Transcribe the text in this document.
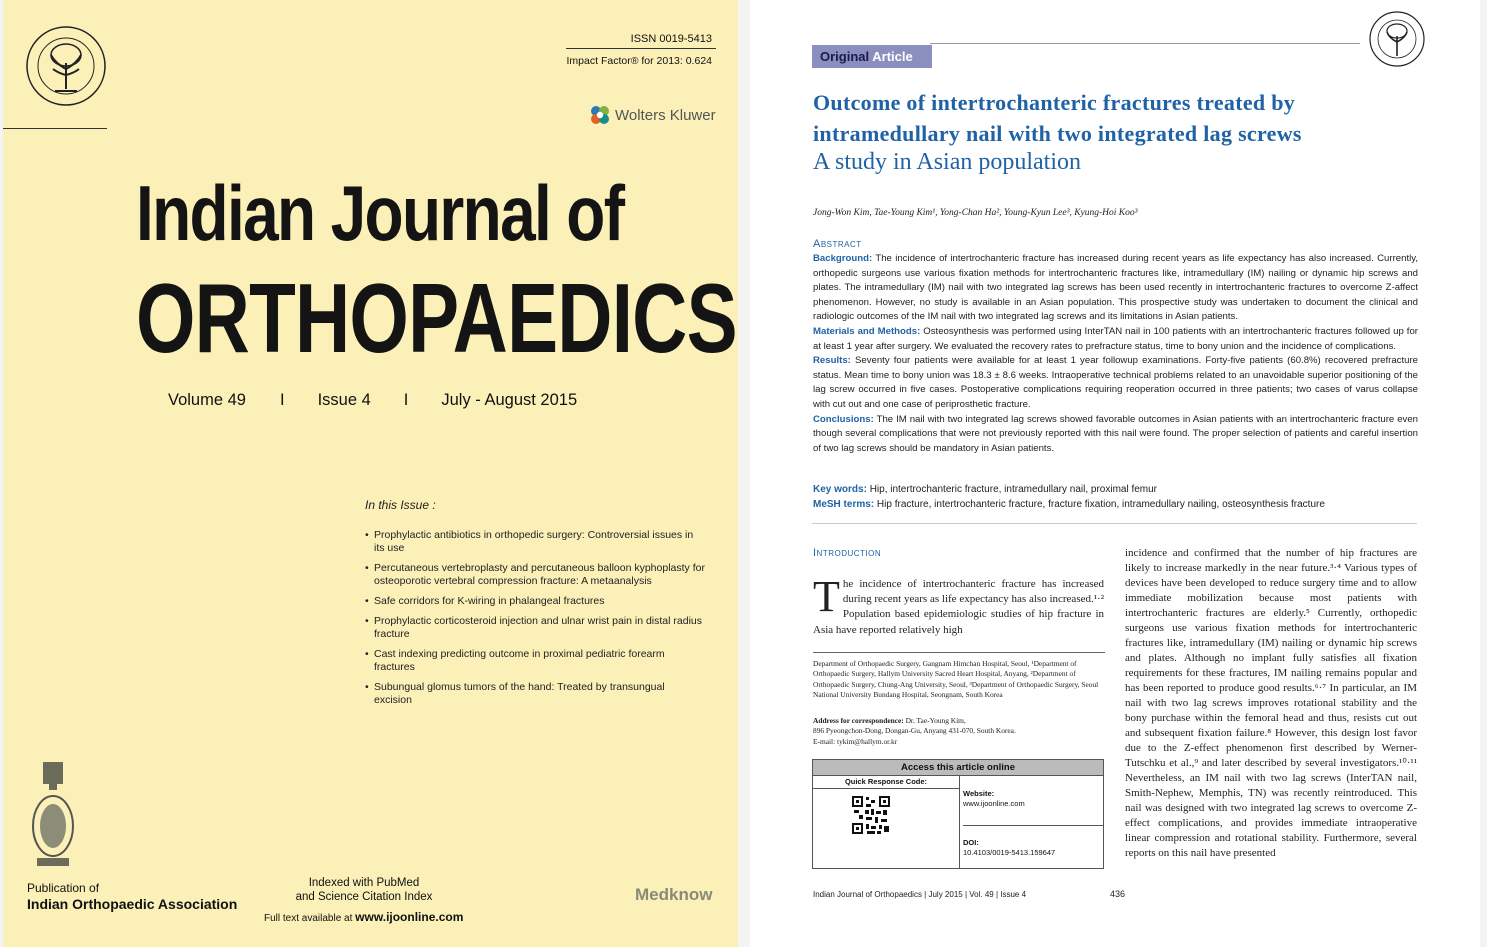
ISSN 0019-5413
Impact Factor® for 2013: 0.624
Wolters Kluwer
Indian Journal of
ORTHOPAEDICS
Volume 49 I Issue 4 I July - August 2015
In this Issue :
• Prophylactic antibiotics in orthopedic surgery: Controversial issues in its use
• Percutaneous vertebroplasty and percutaneous balloon kyphoplasty for osteoporotic vertebral compression fracture: A metaanalysis
• Safe corridors for K-wiring in phalangeal fractures
• Prophylactic corticosteroid injection and ulnar wrist pain in distal radius fracture
• Cast indexing predicting outcome in proximal pediatric forearm fractures
• Subungual glomus tumors of the hand: Treated by transungual excision
Publication of
Indian Orthopaedic Association
Indexed with PubMed
and Science Citation Index
Full text available at www.ijoonline.com
Medknow
Original Article
Outcome of intertrochanteric fractures treated by intramedullary nail with two integrated lag screws
A study in Asian population
Jong-Won Kim, Tae-Young Kim¹, Yong-Chan Ha², Young-Kyun Lee³, Kyung-Hoi Koo³
Abstract

Background: The incidence of intertrochanteric fracture has increased during recent years as life expectancy has also increased. Currently, orthopedic surgeons use various fixation methods for intertrochanteric fractures like, intramedullary (IM) nailing or dynamic hip screws and plates. The intramedullary (IM) nail with two integrated lag screws has been used recently in intertrochanteric fractures to overcome Z-affect phenomenon. However, no study is available in an Asian population. This prospective study was undertaken to document the clinical and radiologic outcomes of the IM nail with two integrated lag screws and its limitations in Asian patients.

Materials and Methods: Osteosynthesis was performed using InterTAN nail in 100 patients with an intertrochanteric fractures followed up for at least 1 year after surgery. We evaluated the recovery rates to prefracture status, time to bony union and the incidence of complications.

Results: Seventy four patients were available for at least 1 year followup examinations. Forty-five patients (60.8%) recovered prefracture status. Mean time to bony union was 18.3 ± 8.6 weeks. Intraoperative technical problems related to an unavoidable superior positioning of the lag screw occurred in five cases. Postoperative complications requiring reoperation occurred in three patients; two cases of varus collapse with cut out and one case of periprosthetic fracture.

Conclusions: The IM nail with two integrated lag screws showed favorable outcomes in Asian patients with an intertrochanteric fracture even though several complications that were not previously reported with this nail were found. The proper selection of patients and careful insertion of two lag screws should be mandatory in Asian patients.

Key words: Hip, intertrochanteric fracture, intramedullary nail, proximal femur

MeSH terms: Hip fracture, intertrochanteric fracture, fracture fixation, intramedullary nailing, osteosynthesis fracture

Introduction
The incidence of intertrochanteric fracture has increased during recent years as life expectancy has also increased.¹·² Population based epidemiologic studies of hip fracture in Asia have reported relatively high
Department of Orthopaedic Surgery, Gangnam Himchan Hospital, Seoul, ¹Department of Orthopaedic Surgery, Hallym University Sacred Heart Hospital, Anyang, ²Department of Orthopaedic Surgery, Chung-Ang University, Seoul, ³Department of Orthopaedic Surgery, Seoul National University Bundang Hospital, Seongnam, South Korea
Address for correspondence: Dr. Tae-Young Kim,
896 Pyeongchon-Dong, Dongan-Gu, Anyang 431-070, South Korea.
E-mail: tykim@hallym.or.kr
Access this article online
Quick Response Code:
Website:
www.ijoonline.com
DOI:
10.4103/0019-5413.159647
incidence and confirmed that the number of hip fractures are likely to increase markedly in the near future.³·⁴ Various types of devices have been developed to reduce surgery time and to allow immediate mobilization because most patients with intertrochanteric fractures are elderly.⁵ Currently, orthopedic surgeons use various fixation methods for intertrochanteric fractures like, intramedullary (IM) nailing or dynamic hip screws and plates. Although no implant fully satisfies all fixation requirements for these fractures, IM nailing remains popular and has been reported to produce good results.⁶·⁷ In particular, an IM nail with two lag screws improves rotational stability and the bony purchase within the femoral head and thus, resists cut out and subsequent fixation failure.⁸ However, this design lost favor due to the Z-effect phenomenon first described by Werner-Tutschku et al.,⁹ and later described by several investigators.¹⁰·¹¹ Nevertheless, an IM nail with two lag screws (InterTAN nail, Smith-Nephew, Memphis, TN) was recently reintroduced. This nail was designed with two integrated lag screws to overcome Z-effect complications, and provides immediate intraoperative linear compression and rotational stability. Furthermore, several reports on this nail have presented
Indian Journal of Orthopaedics | July 2015 | Vol. 49 | Issue 4	436
